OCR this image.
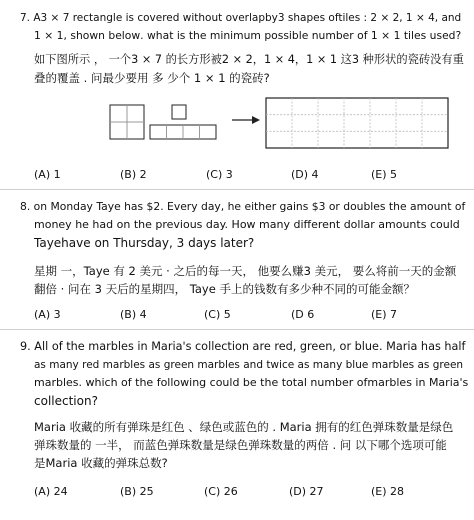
7. A3 × 7 rectangle is covered without overlapby3 shapes oftiles : 2 × 2, 1 × 4, and
1 × 1, shown beloᴡ. what is the minimum possible number of 1 × 1 tiles used?
如下图所示 ， 一个3 × 7 的长方形被2 × 2，1 × 4，1 × 1 这3 种形状的瓷砖没有重
叠的覆盖 . 问最少要用 多 少个 1 × 1 的瓷砖?
(A) 1	(B) 2	(C) 3	(D) 4	(E) 5
8. on Monday Taye has $2. Every day, he either gains $3 or doubles the amount of
money he had on the previous day. How many different dollar amounts could
Tayehave on Thursday, 3 days later?
星期 一，Taye 有 2 美元 · 之后的每一天， 他要么赚3 美元， 要么将前一天的金额
翻倍 · 问在 3 天后的星期四， Taye 手上的钱数有多少种不同的可能金额？
(A) 3	(B) 4	(C) 5	(D 6	(E) 7
9. All of the marbles in Maria's collection are red, green, or blue. Maria has half
as many red marbles as green marbles and twice as many blue marbles as green
marbles. which of the following could be the total number ofmarbles in Maria's
collection?
Maria 收藏的所有弹珠是红色 、绿色或蓝色的 . Maria 拥有的红色弹珠数量是绿色
弹珠数量的 一半， 而蓝色弹珠数量是绿色弹珠数量的两倍 . 问 以下哪个选项可能
是Maria 收藏的弹珠总数?
(A) 24	(B) 25	(C) 26	(D) 27	(E) 28
